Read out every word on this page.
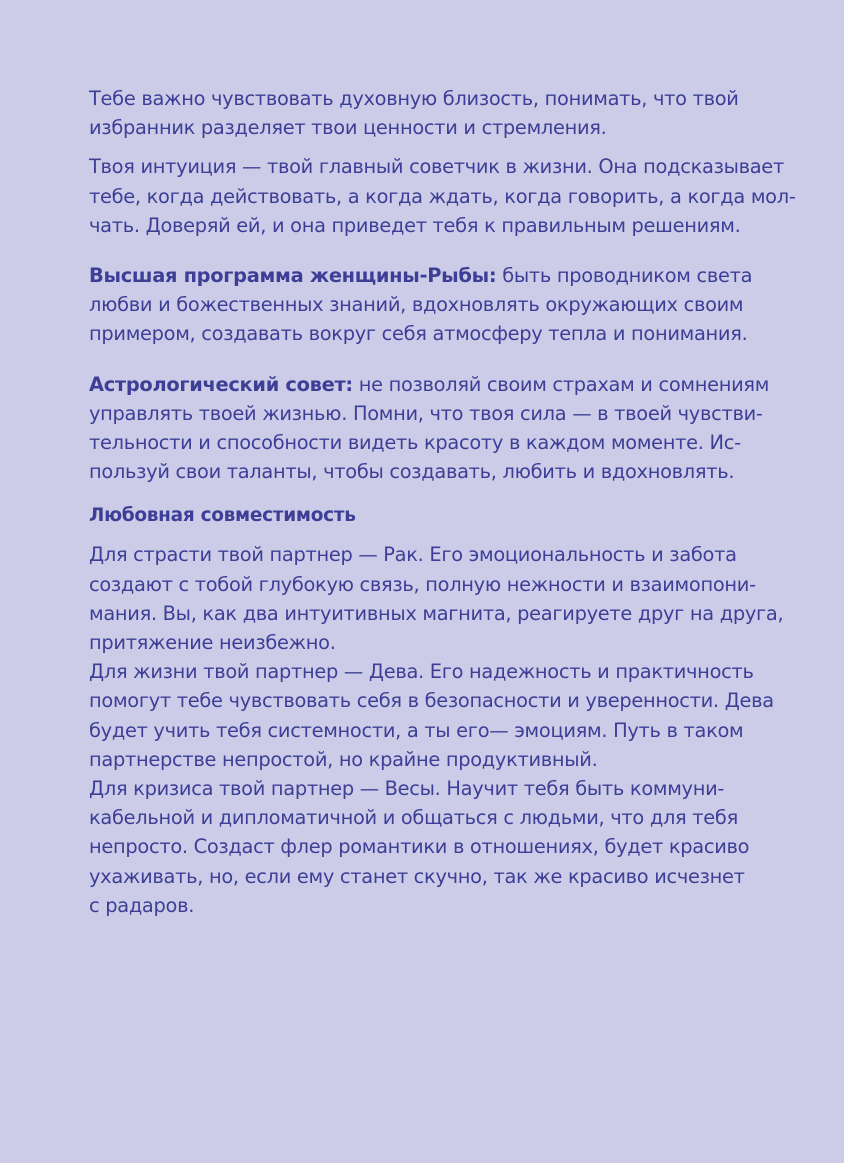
Тебе важно чувствовать духовную близость, понимать, что твой
избранник разделяет твои ценности и стремления.

Твоя интуиция — твой главный советчик в жизни. Она подсказывает
тебе, когда действовать, а когда ждать, когда говорить, а когда мол-
чать. Доверяй ей, и она приведет тебя к правильным решениям.

Высшая программа женщины-Рыбы: быть проводником света
любви и божественных знаний, вдохновлять окружающих своим
примером, создавать вокруг себя атмосферу тепла и понимания.

Астрологический совет: не позволяй своим страхам и сомнениям
управлять твоей жизнью. Помни, что твоя сила — в твоей чувстви-
тельности и способности видеть красоту в каждом моменте. Ис-
пользуй свои таланты, чтобы создавать, любить и вдохновлять.

Любовная совместимость

Для страсти твой партнер — Рак. Его эмоциональность и забота
создают с тобой глубокую связь, полную нежности и взаимопони-
мания. Вы, как два интуитивных магнита, реагируете друг на друга,
притяжение неизбежно.

Для жизни твой партнер — Дева. Его надежность и практичность
помогут тебе чувствовать себя в безопасности и уверенности. Дева
будет учить тебя системности, а ты его— эмоциям. Путь в таком
партнерстве непростой, но крайне продуктивный.

Для кризиса твой партнер — Весы. Научит тебя быть коммуни-
кабельной и дипломатичной и общаться с людьми, что для тебя
непросто. Создаст флер романтики в отношениях, будет красиво
ухаживать, но, если ему станет скучно, так же красиво исчезнет
с радаров.
